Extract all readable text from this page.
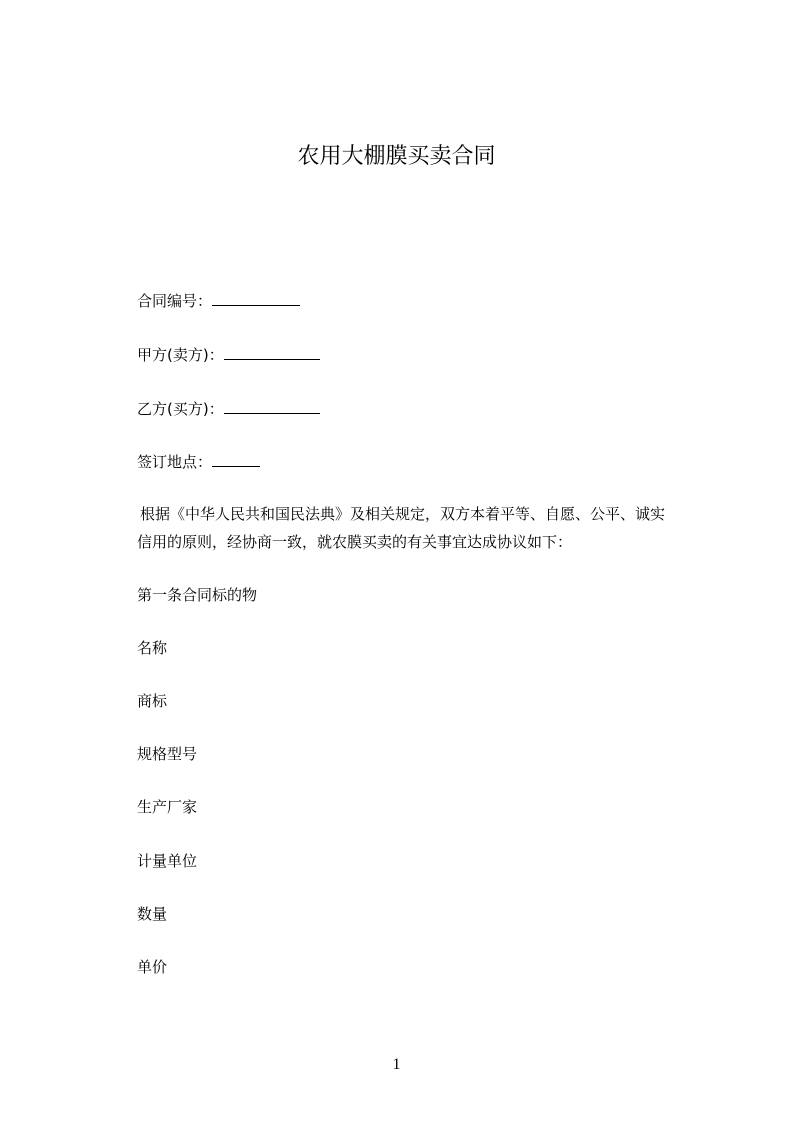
农用大棚膜买卖合同
合同编号：
甲方(卖方)：
乙方(买方)：
签订地点：
根据《中华人民共和国民法典》及相关规定，双方本着平等、自愿、公平、诚实
信用的原则，经协商一致，就农膜买卖的有关事宜达成协议如下：
第一条合同标的物
名称
商标
规格型号
生产厂家
计量单位
数量
单价
1
